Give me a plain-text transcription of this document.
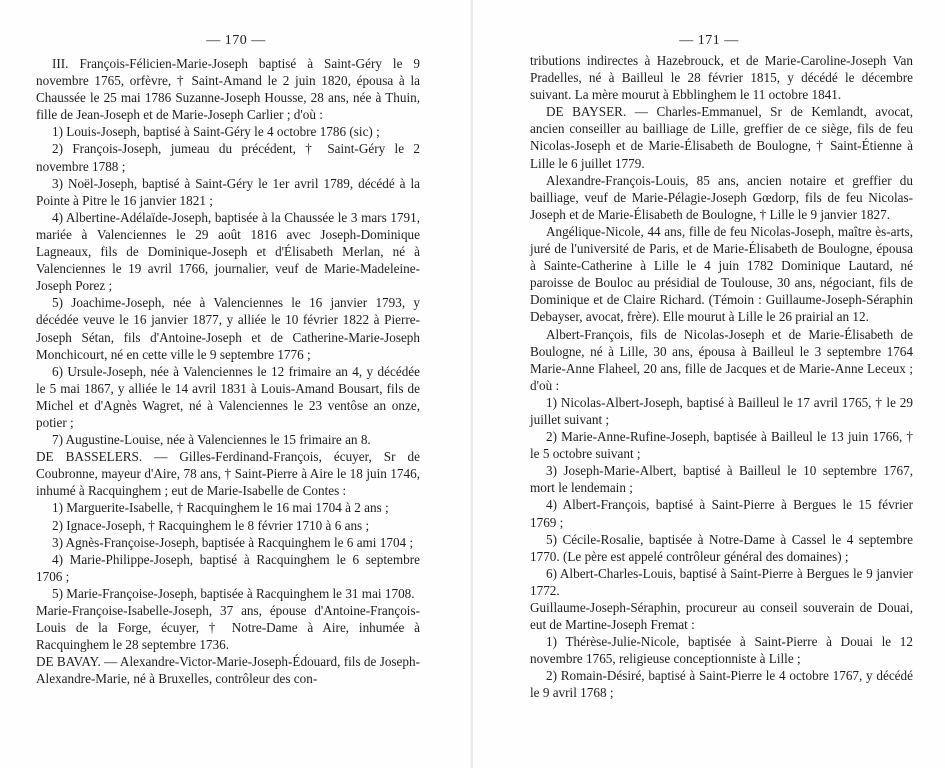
— 170 —

III. François-Félicien-Marie-Joseph baptisé à Saint-Géry le 9 novembre 1765, orfèvre, † Saint-Amand le 2 juin 1820, épousa à la Chaussée le 25 mai 1786 Suzanne-Joseph Housse, 28 ans, née à Thuin, fille de Jean-Joseph et de Marie-Joseph Carlier ; d'où :

1) Louis-Joseph, baptisé à Saint-Géry le 4 octobre 1786 (sic) ;

2) François-Joseph, jumeau du précédent, † Saint-Géry le 2 novembre 1788 ;

3) Noël-Joseph, baptisé à Saint-Géry le 1er avril 1789, décédé à la Pointe à Pitre le 16 janvier 1821 ;

4) Albertine-Adélaïde-Joseph, baptisée à la Chaussée le 3 mars 1791, mariée à Valenciennes le 29 août 1816 avec Joseph-Dominique Lagneaux, fils de Dominique-Joseph et d'Élisabeth Merlan, né à Valenciennes le 19 avril 1766, journalier, veuf de Marie-Madeleine-Joseph Porez ;

5) Joachime-Joseph, née à Valenciennes le 16 janvier 1793, y décédée veuve le 16 janvier 1877, y alliée le 10 février 1822 à Pierre-Joseph Sétan, fils d'Antoine-Joseph et de Catherine-Marie-Joseph Monchicourt, né en cette ville le 9 septembre 1776 ;

6) Ursule-Joseph, née à Valenciennes le 12 frimaire an 4, y décédée le 5 mai 1867, y alliée le 14 avril 1831 à Louis-Amand Bousart, fils de Michel et d'Agnès Wagret, né à Valenciennes le 23 ventôse an onze, potier ;

7) Augustine-Louise, née à Valenciennes le 15 frimaire an 8.

DE BASSELERS. — Gilles-Ferdinand-François, écuyer, Sr de Coubronne, mayeur d'Aire, 78 ans, † Saint-Pierre à Aire le 18 juin 1746, inhumé à Racquinghem ; eut de Marie-Isabelle de Contes :

1) Marguerite-Isabelle, † Racquinghem le 16 mai 1704 à 2 ans ;

2) Ignace-Joseph, † Racquinghem le 8 février 1710 à 6 ans ;

3) Agnès-Françoise-Joseph, baptisée à Racquinghem le 6 ami 1704 ;

4) Marie-Philippe-Joseph, baptisé à Racquinghem le 6 septembre 1706 ;

5) Marie-Françoise-Joseph, baptisée à Racquinghem le 31 mai 1708.

Marie-Françoise-Isabelle-Joseph, 37 ans, épouse d'Antoine-François-Louis de la Forge, écuyer, † Notre-Dame à Aire, inhumée à Racquinghem le 28 septembre 1736.

DE BAVAY. — Alexandre-Victor-Marie-Joseph-Édouard, fils de Joseph-Alexandre-Marie, né à Bruxelles, contrôleur des con-

— 171 —

tributions indirectes à Hazebrouck, et de Marie-Caroline-Joseph Van Pradelles, né à Bailleul le 28 février 1815, y décédé le décembre suivant. La mère mourut à Ebblinghem le 11 octobre 1841.

DE BAYSER. — Charles-Emmanuel, Sr de Kemlandt, avocat, ancien conseiller au bailliage de Lille, greffier de ce siège, fils de feu Nicolas-Joseph et de Marie-Élisabeth de Boulogne, † Saint-Étienne à Lille le 6 juillet 1779.

Alexandre-François-Louis, 85 ans, ancien notaire et greffier du bailliage, veuf de Marie-Pélagie-Joseph Gœdorp, fils de feu Nicolas-Joseph et de Marie-Élisabeth de Boulogne, † Lille le 9 janvier 1827.

Angélique-Nicole, 44 ans, fille de feu Nicolas-Joseph, maître ès-arts, juré de l'université de Paris, et de Marie-Élisabeth de Boulogne, épousa à Sainte-Catherine à Lille le 4 juin 1782 Dominique Lautard, né paroisse de Bouloc au présidial de Toulouse, 30 ans, négociant, fils de Dominique et de Claire Richard. (Témoin : Guillaume-Joseph-Séraphin Debayser, avocat, frère). Elle mourut à Lille le 26 prairial an 12.

Albert-François, fils de Nicolas-Joseph et de Marie-Élisabeth de Boulogne, né à Lille, 30 ans, épousa à Bailleul le 3 septembre 1764 Marie-Anne Flaheel, 20 ans, fille de Jacques et de Marie-Anne Leceux ; d'où :

1) Nicolas-Albert-Joseph, baptisé à Bailleul le 17 avril 1765, † le 29 juillet suivant ;

2) Marie-Anne-Rufine-Joseph, baptisée à Bailleul le 13 juin 1766, † le 5 octobre suivant ;

3) Joseph-Marie-Albert, baptisé à Bailleul le 10 septembre 1767, mort le lendemain ;

4) Albert-François, baptisé à Saint-Pierre à Bergues le 15 février 1769 ;

5) Cécile-Rosalie, baptisée à Notre-Dame à Cassel le 4 septembre 1770. (Le père est appelé contrôleur général des domaines) ;

6) Albert-Charles-Louis, baptisé à Saint-Pierre à Bergues le 9 janvier 1772.

Guillaume-Joseph-Séraphin, procureur au conseil souverain de Douai, eut de Martine-Joseph Fremat :

1) Thérèse-Julie-Nicole, baptisée à Saint-Pierre à Douai le 12 novembre 1765, religieuse conceptionniste à Lille ;

2) Romain-Désiré, baptisé à Saint-Pierre le 4 octobre 1767, y décédé le 9 avril 1768 ;
